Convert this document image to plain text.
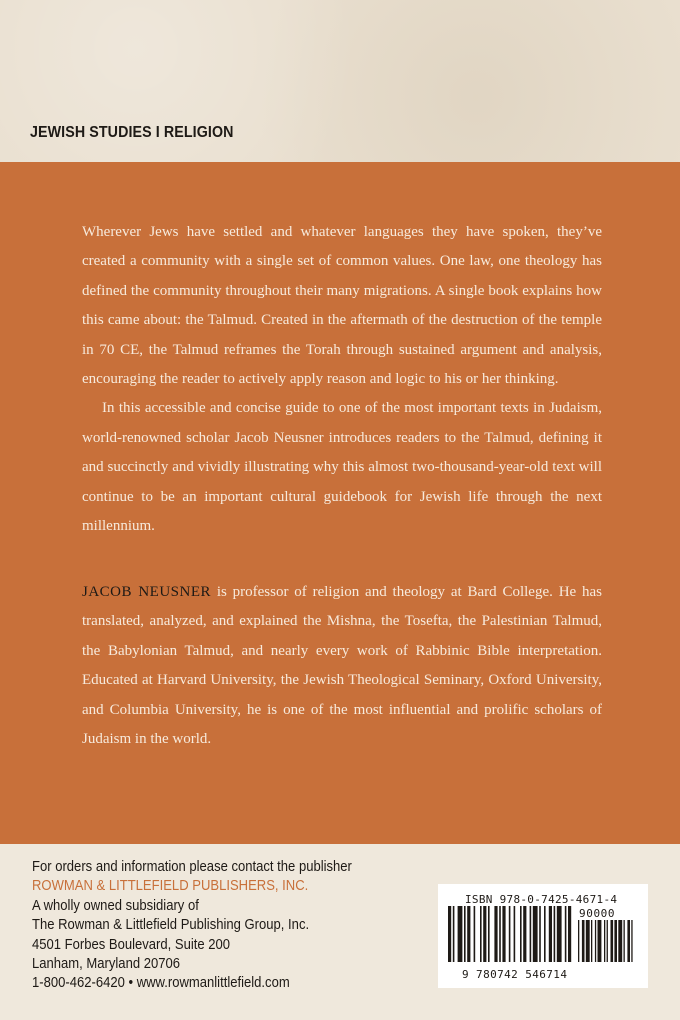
JEWISH STUDIES I RELIGION

Wherever Jews have settled and whatever languages they have spoken, they’ve created a community with a single set of common values. One law, one theology has defined the community throughout their many migrations. A single book explains how this came about: the Talmud. Created in the aftermath of the destruction of the temple in 70 CE, the Talmud reframes the Torah through sustained argument and analysis, encouraging the reader to actively apply reason and logic to his or her thinking.

In this accessible and concise guide to one of the most important texts in Judaism, world-renowned scholar Jacob Neusner introduces readers to the Talmud, defining it and succinctly and vividly illustrating why this almost two-thousand-year-old text will continue to be an important cultural guidebook for Jewish life through the next millennium.

JACOB NEUSNER is professor of religion and theology at Bard College. He has translated, analyzed, and explained the Mishna, the Tosefta, the Palestinian Talmud, the Babylonian Talmud, and nearly every work of Rabbinic Bible interpretation. Educated at Harvard University, the Jewish Theological Seminary, Oxford University, and Columbia University, he is one of the most influential and prolific scholars of Judaism in the world.
For orders and information please contact the publisher
ROWMAN & LITTLEFIELD PUBLISHERS, INC.
A wholly owned subsidiary of
The Rowman & Littlefield Publishing Group, Inc.
4501 Forbes Boulevard, Suite 200
Lanham, Maryland 20706
1-800-462-6420 • www.rowmanlittlefield.com
ISBN 978-0-7425-4671-4
90000
9 780742 546714
